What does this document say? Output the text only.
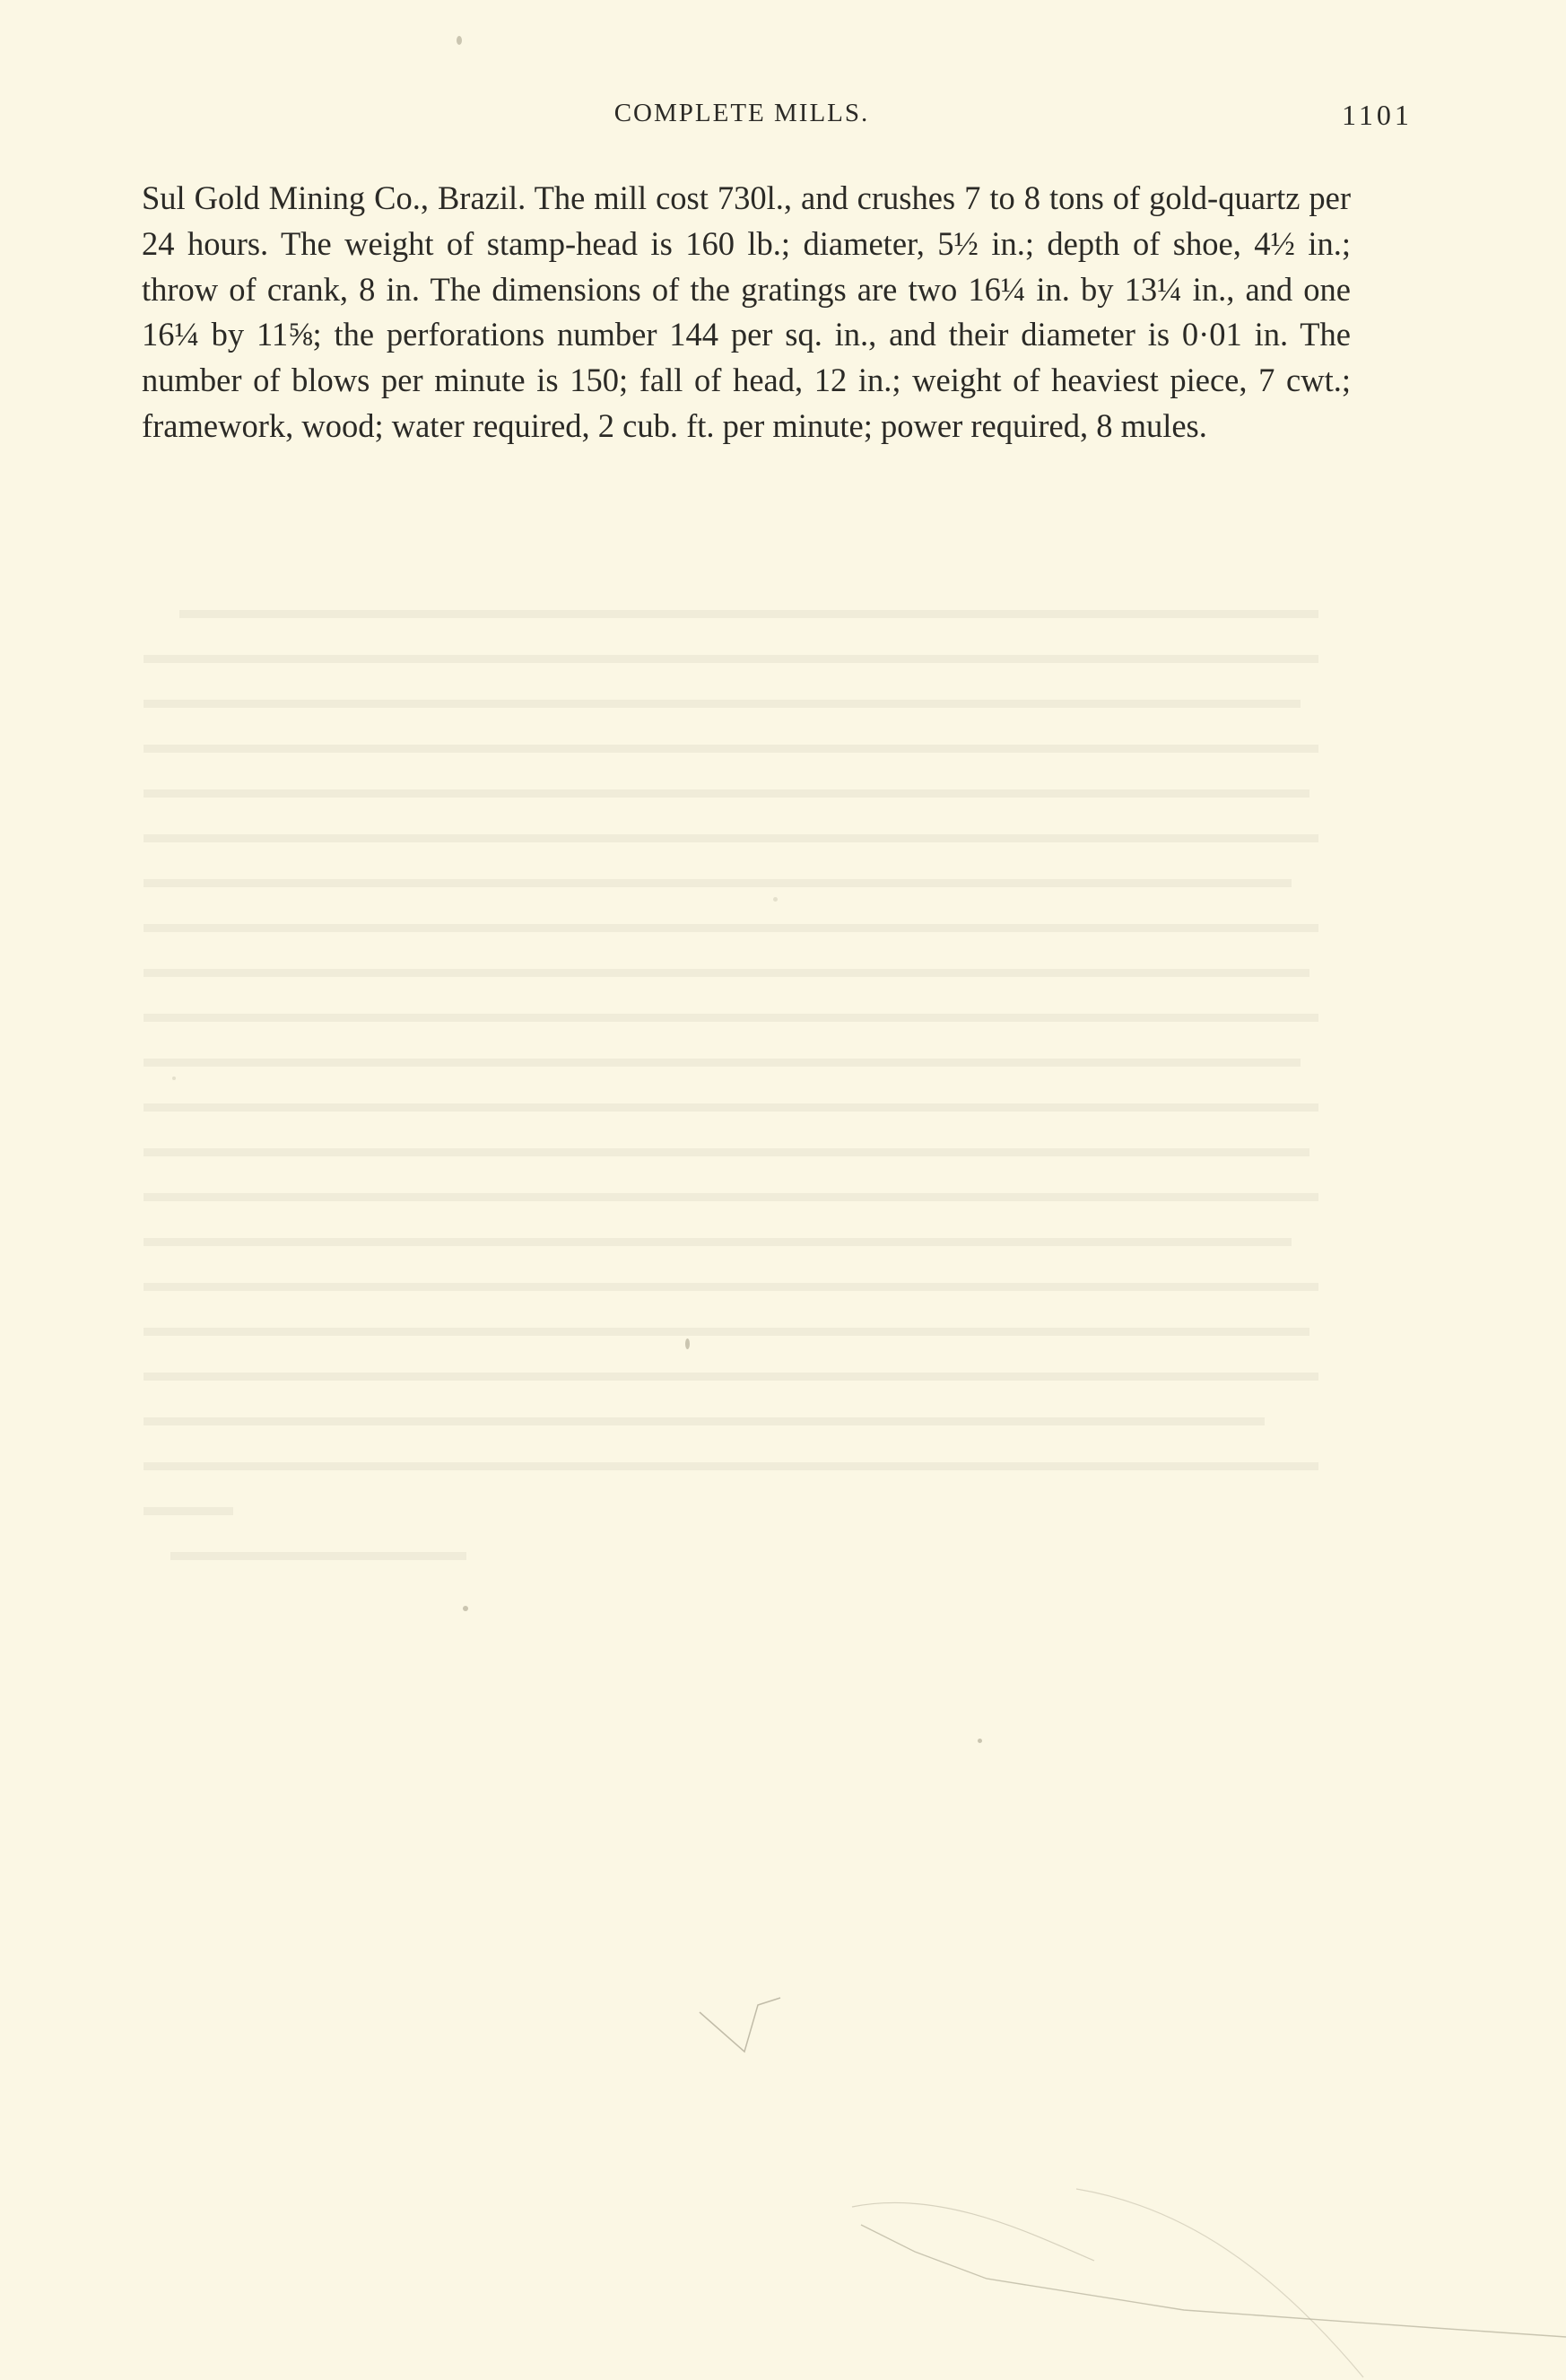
COMPLETE MILLS.	1101

Sul Gold Mining Co., Brazil. The mill cost 730l., and crushes 7 to 8 tons of gold-quartz per 24 hours. The weight of stamp-head is 160 lb.; diameter, 5½ in.; depth of shoe, 4½ in.; throw of crank, 8 in. The dimensions of the gratings are two 16¼ in. by 13¼ in., and one 16¼ by 11⅝; the perforations number 144 per sq. in., and their diameter is 0·01 in. The number of blows per minute is 150; fall of head, 12 in.; weight of heaviest piece, 7 cwt.; framework, wood; water required, 2 cub. ft. per minute; power required, 8 mules.
